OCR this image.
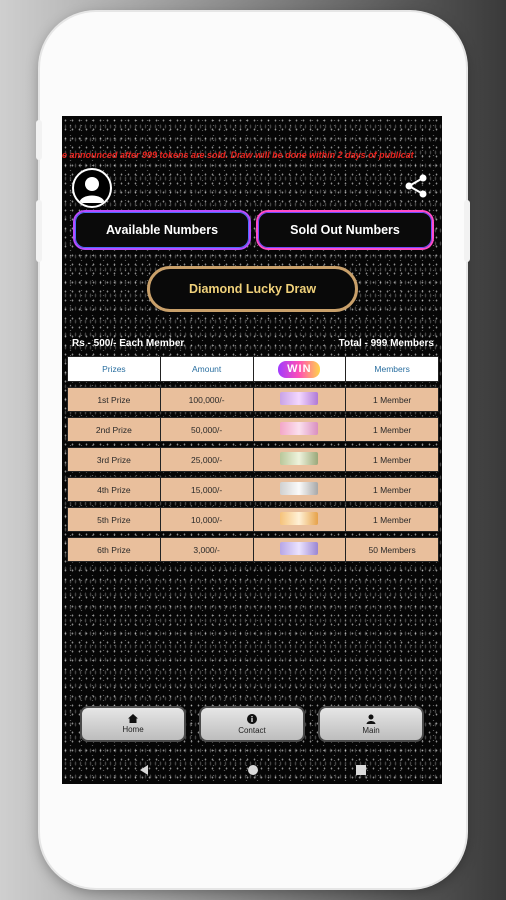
e announced after 999 tokens are sold. Draw will be done within 2 days of publicat
Available Numbers	Sold Out Numbers
Diamond Lucky Draw
Rs - 500/- Each Member	Total - 999 Members
Prizes	Amount	WIN	Members

1st Prize	100,000/-		1 Member

2nd Prize	50,000/-		1 Member

3rd Prize	25,000/-		1 Member

4th Prize	15,000/-		1 Member

5th Prize	10,000/-		1 Member

6th Prize	3,000/-		50 Members
Home	Contact	Main
